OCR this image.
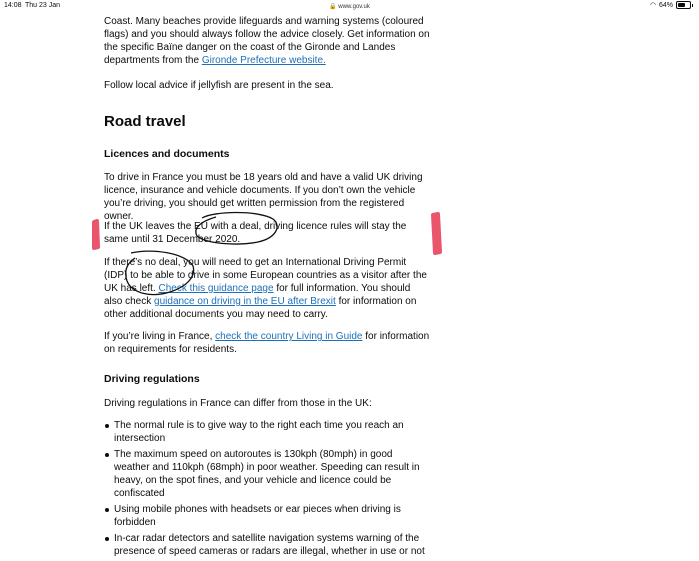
14:08 Thu 23 Jan	🔒 www.gov.uk	◠ 64%

Coast. Many beaches provide lifeguards and warning systems (coloured flags) and you should always follow the advice closely. Get information on the specific Baïne danger on the coast of the Gironde and Landes departments from the Gironde Prefecture website.

Follow local advice if jellyfish are present in the sea.

Road travel
Licences and documents

To drive in France you must be 18 years old and have a valid UK driving licence, insurance and vehicle documents. If you don’t own the vehicle you’re driving, you should get written permission from the registered owner.

If the UK leaves the EU with a deal, driving licence rules will stay the same until 31 December 2020.

If there’s no deal, you will need to get an International Driving Permit (IDP) to be able to drive in some European countries as a visitor after the UK has left. Check this guidance page for full information. You should also check guidance on driving in the EU after Brexit for information on other additional documents you may need to carry.

If you’re living in France, check the country Living in Guide for information on requirements for residents.

Driving regulations

Driving regulations in France can differ from those in the UK:

The normal rule is to give way to the right each time you reach an intersection
The maximum speed on autoroutes is 130kph (80mph) in good weather and 110kph (68mph) in poor weather. Speeding can result in heavy, on the spot fines, and your vehicle and licence could be confiscated
Using mobile phones with headsets or ear pieces when driving is forbidden
In-car radar detectors and satellite navigation systems warning of the presence of speed cameras or radars are illegal, whether in use or not
